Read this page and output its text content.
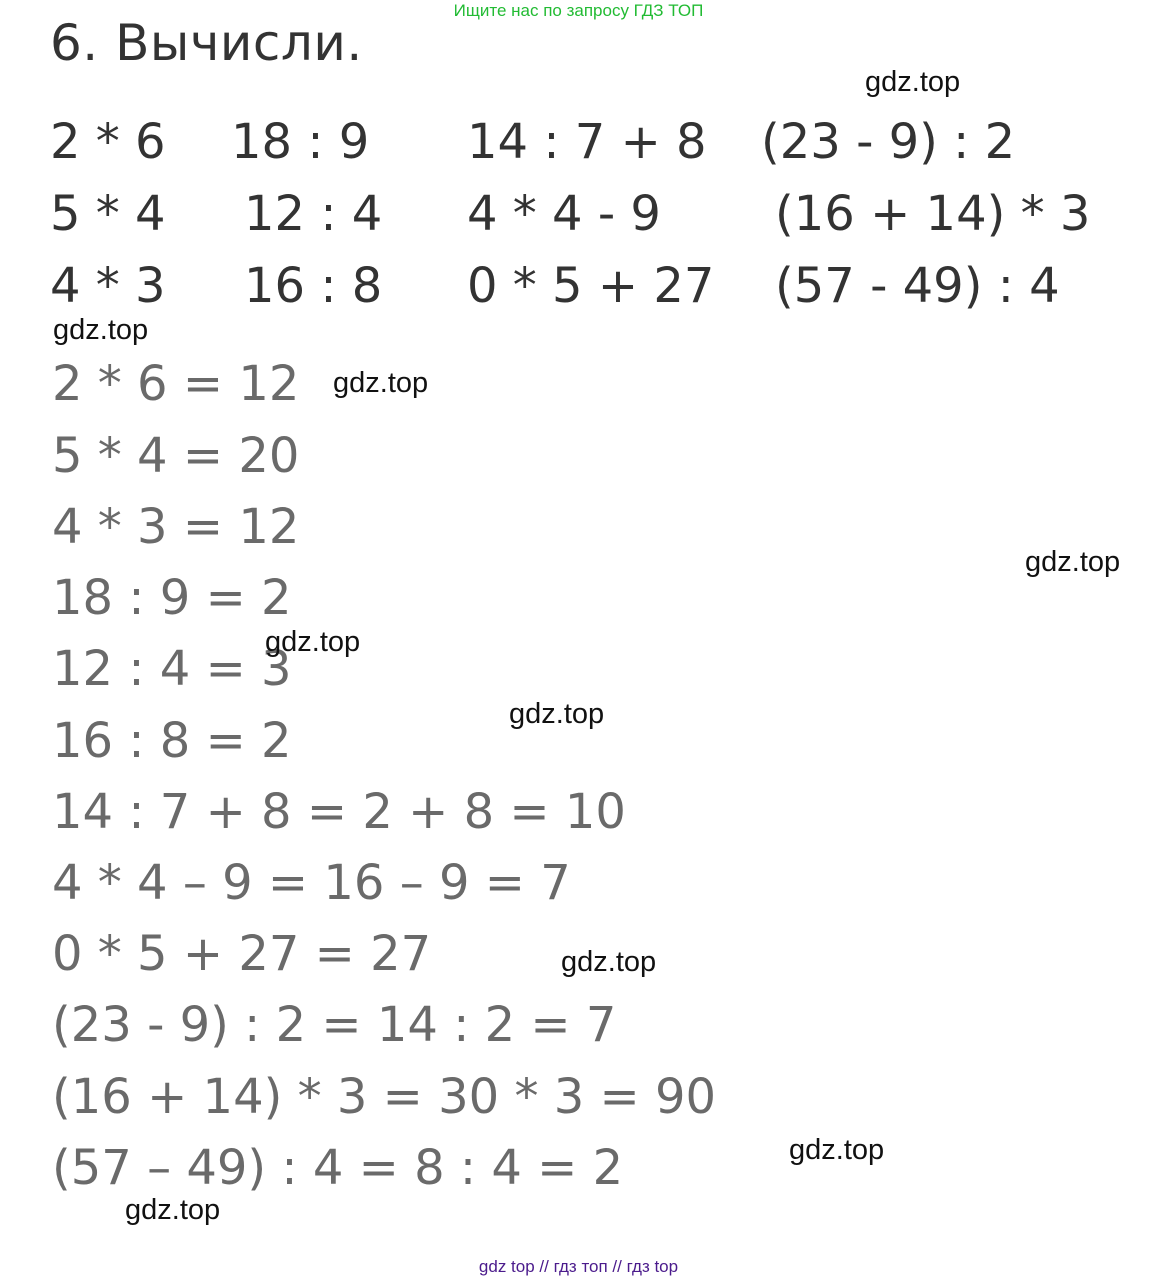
Ищите нас по запросу ГДЗ ТОП
6. Вычисли.
2 * 6 18 : 9 14 : 7 + 8 (23 - 9) : 2
5 * 4 12 : 4 4 * 4 - 9 (16 + 14) * 3
4 * 3 16 : 8 0 * 5 + 27 (57 - 49) : 4
2 * 6 = 12
5 * 4 = 20
4 * 3 = 12
18 : 9 = 2
12 : 4 = 3
16 : 8 = 2
14 : 7 + 8 = 2 + 8 = 10
4 * 4 – 9 = 16 – 9 = 7
0 * 5 + 27 = 27
(23 - 9) : 2 = 14 : 2 = 7
(16 + 14) * 3 = 30 * 3 = 90
(57 – 49) : 4 = 8 : 4 = 2
gdz.top
gdz.top
gdz.top
gdz.top
gdz.top
gdz.top
gdz.top
gdz.top
gdz.top
gdz top // гдз топ // гдз top
